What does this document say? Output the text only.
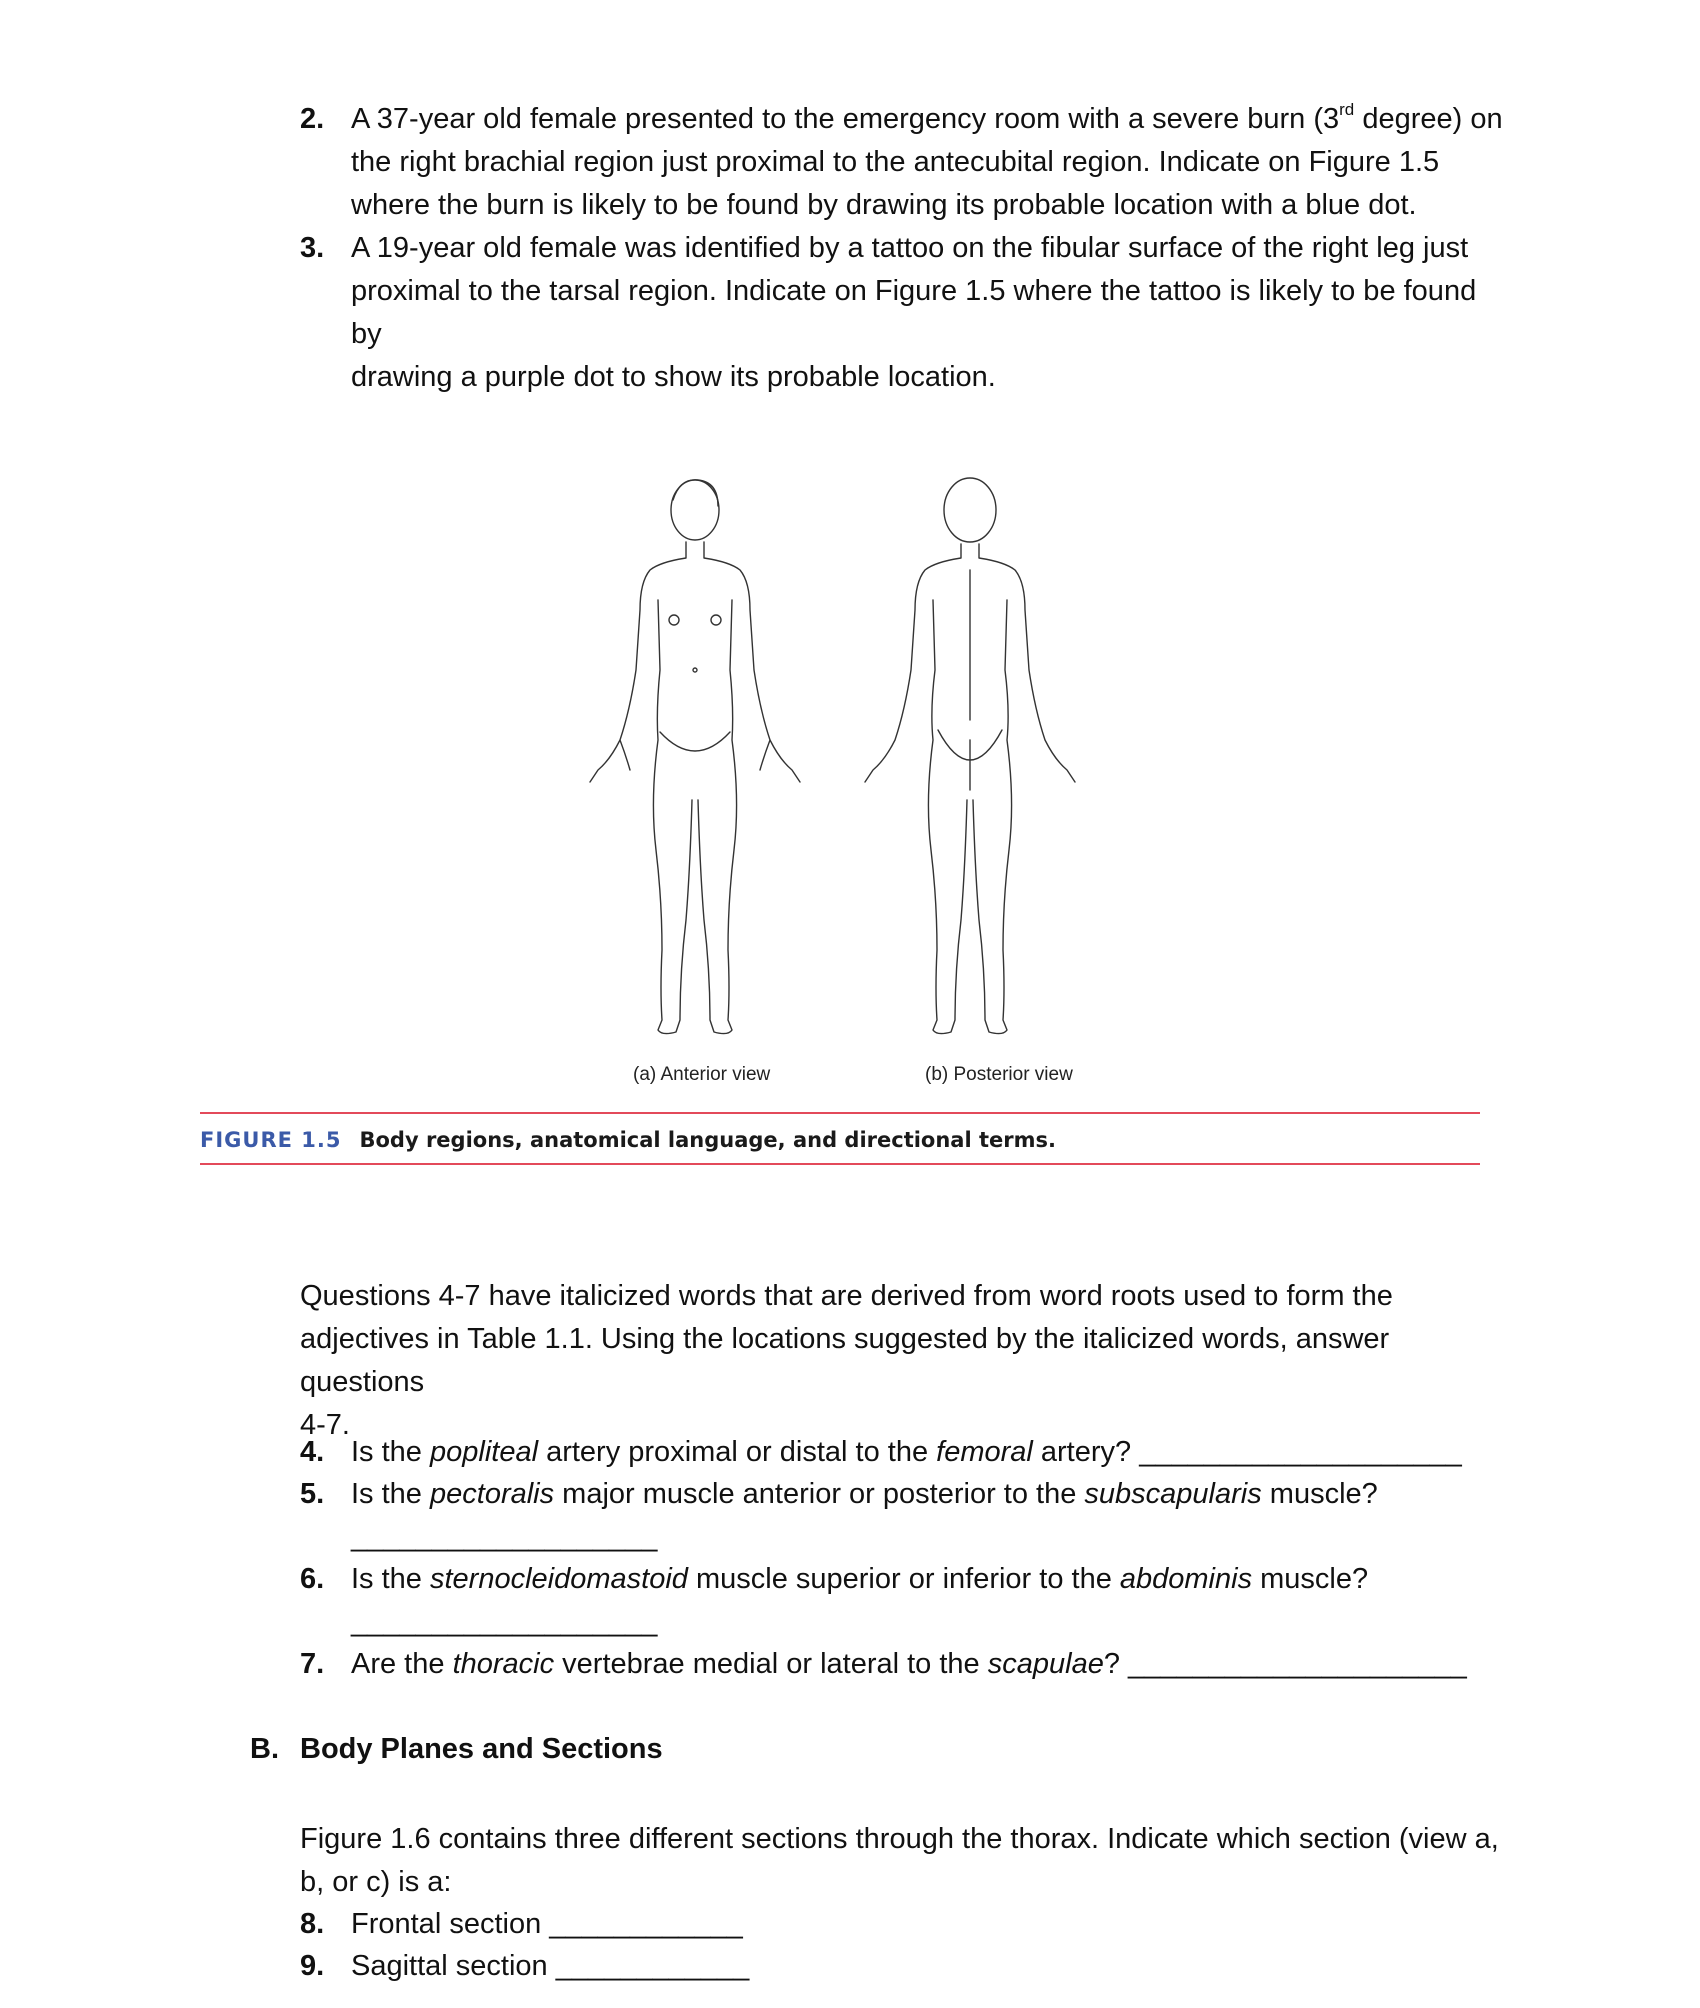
2. A 37-year old female presented to the emergency room with a severe burn (3rd degree) on
the right brachial region just proximal to the antecubital region. Indicate on Figure 1.5
where the burn is likely to be found by drawing its probable location with a blue dot.
3. A 19-year old female was identified by a tattoo on the fibular surface of the right leg just
proximal to the tarsal region. Indicate on Figure 1.5 where the tattoo is likely to be found by
drawing a purple dot to show its probable location.
(a) Anterior view	(b) Posterior view
FIGURE 1.5 Body regions, anatomical language, and directional terms.
Questions 4-7 have italicized words that are derived from word roots used to form the
adjectives in Table 1.1. Using the locations suggested by the italicized words, answer questions
4-7.
4. Is the popliteal artery proximal or distal to the femoral artery? ____________________
5. Is the pectoralis major muscle anterior or posterior to the subscapularis muscle?
___________________
6. Is the sternocleidomastoid muscle superior or inferior to the abdominis muscle?
___________________
7. Are the thoracic vertebrae medial or lateral to the scapulae? _____________________
B. Body Planes and Sections
Figure 1.6 contains three different sections through the thorax. Indicate which section (view a,
b, or c) is a:
8. Frontal section ____________
9. Sagittal section ____________
